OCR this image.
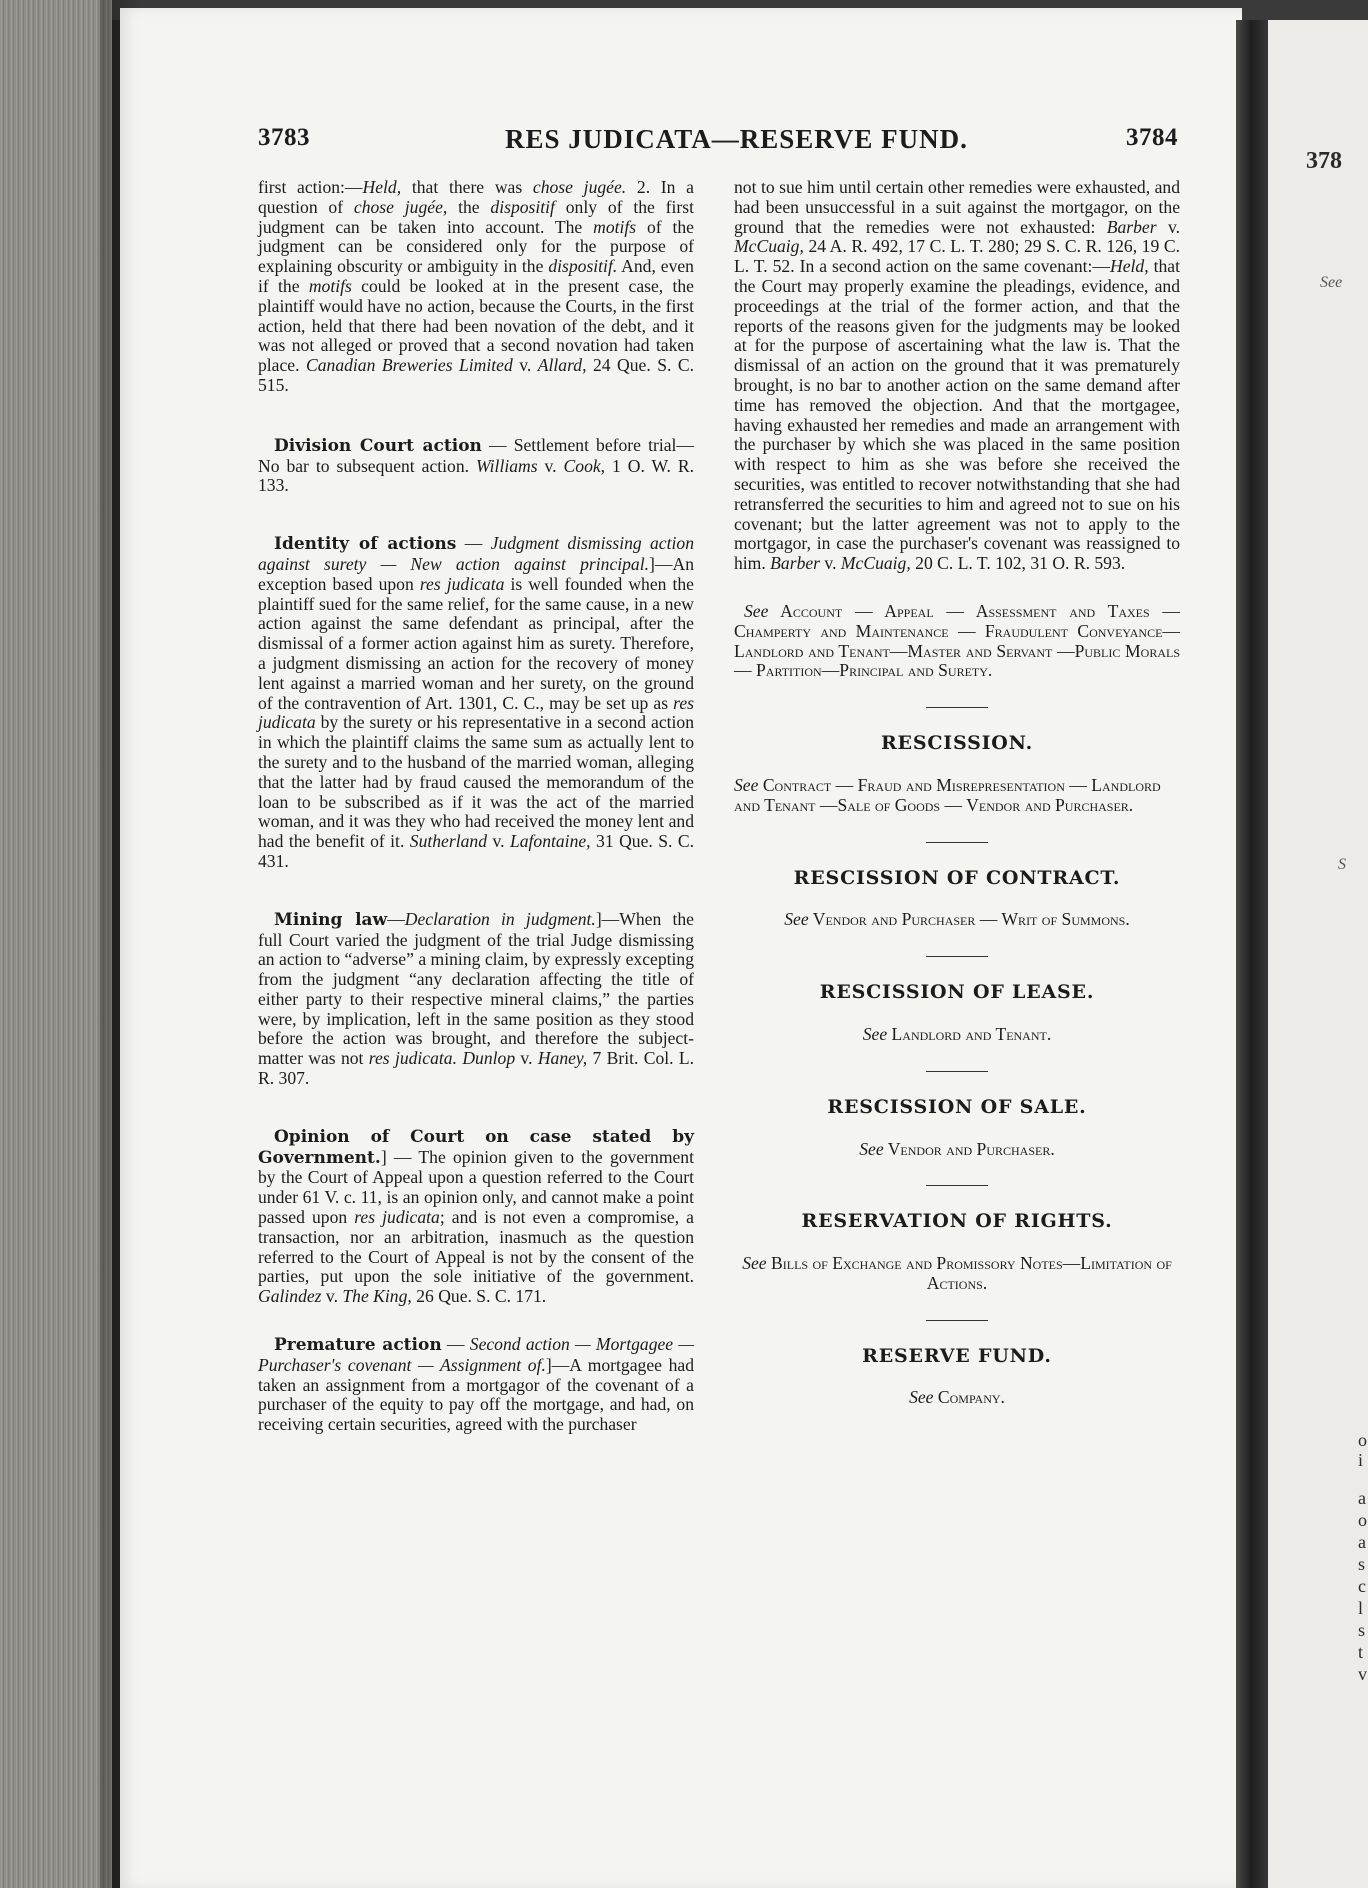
3783	RES JUDICATA—RESERVE FUND.	3784

first action:—Held, that there was chose jugée. 2. In a question of chose jugée, the dispositif only of the first judgment can be taken into account. The motifs of the judgment can be considered only for the purpose of explaining obscurity or ambiguity in the dispositif. And, even if the motifs could be looked at in the present case, the plaintiff would have no action, because the Courts, in the first action, held that there had been novation of the debt, and it was not alleged or proved that a second novation had taken place. Canadian Breweries Limited v. Allard, 24 Que. S. C. 515.

Division Court action — Settlement before trial—No bar to subsequent action. Williams v. Cook, 1 O. W. R. 133.

Identity of actions — Judgment dismissing action against surety — New action against principal.]—An exception based upon res judicata is well founded when the plaintiff sued for the same relief, for the same cause, in a new action against the same defendant as principal, after the dismissal of a former action against him as surety. Therefore, a judgment dismissing an action for the recovery of money lent against a married woman and her surety, on the ground of the contravention of Art. 1301, C. C., may be set up as res judicata by the surety or his representative in a second action in which the plaintiff claims the same sum as actually lent to the surety and to the husband of the married woman, alleging that the latter had by fraud caused the memorandum of the loan to be subscribed as if it was the act of the married woman, and it was they who had received the money lent and had the benefit of it. Sutherland v. Lafontaine, 31 Que. S. C. 431.

Mining law—Declaration in judgment.]—When the full Court varied the judgment of the trial Judge dismissing an action to “adverse” a mining claim, by expressly excepting from the judgment “any declaration affecting the title of either party to their respective mineral claims,” the parties were, by implication, left in the same position as they stood before the action was brought, and therefore the subject-matter was not res judicata. Dunlop v. Haney, 7 Brit. Col. L. R. 307.

Opinion of Court on case stated by Government.] — The opinion given to the government by the Court of Appeal upon a question referred to the Court under 61 V. c. 11, is an opinion only, and cannot make a point passed upon res judicata; and is not even a compromise, a transaction, nor an arbitration, inasmuch as the question referred to the Court of Appeal is not by the consent of the parties, put upon the sole initiative of the government. Galindez v. The King, 26 Que. S. C. 171.

Premature action — Second action — Mortgagee — Purchaser's covenant — Assignment of.]—A mortgagee had taken an assignment from a mortgagor of the covenant of a purchaser of the equity to pay off the mortgage, and had, on receiving certain securities, agreed with the purchaser

not to sue him until certain other remedies were exhausted, and had been unsuccessful in a suit against the mortgagor, on the ground that the remedies were not exhausted: Barber v. McCuaig, 24 A. R. 492, 17 C. L. T. 280; 29 S. C. R. 126, 19 C. L. T. 52. In a second action on the same covenant:—Held, that the Court may properly examine the pleadings, evidence, and proceedings at the trial of the former action, and that the reports of the reasons given for the judgments may be looked at for the purpose of ascertaining what the law is. That the dismissal of an action on the ground that it was prematurely brought, is no bar to another action on the same demand after time has removed the objection. And that the mortgagee, having exhausted her remedies and made an arrangement with the purchaser by which she was placed in the same position with respect to him as she was before she received the securities, was entitled to recover notwithstanding that she had retransferred the securities to him and agreed not to sue on his covenant; but the latter agreement was not to apply to the mortgagor, in case the purchaser's covenant was reassigned to him. Barber v. McCuaig, 20 C. L. T. 102, 31 O. R. 593.

See Account — Appeal — Assessment and Taxes — Champerty and Maintenance — Fraudulent Conveyance—Landlord and Tenant—Master and Servant —Public Morals — Partition—Principal and Surety.

RESCISSION.

See Contract — Fraud and Misrepresentation — Landlord and Tenant —Sale of Goods — Vendor and Purchaser.

RESCISSION OF CONTRACT.

See Vendor and Purchaser — Writ of Summons.

RESCISSION OF LEASE.

See Landlord and Tenant.

RESCISSION OF SALE.

See Vendor and Purchaser.

RESERVATION OF RIGHTS.

See Bills of Exchange and Promissory Notes—Limitation of Actions.

RESERVE FUND.

See Company.

378
See
S
o
i
a
o
a
s
c
l
s
t
v
